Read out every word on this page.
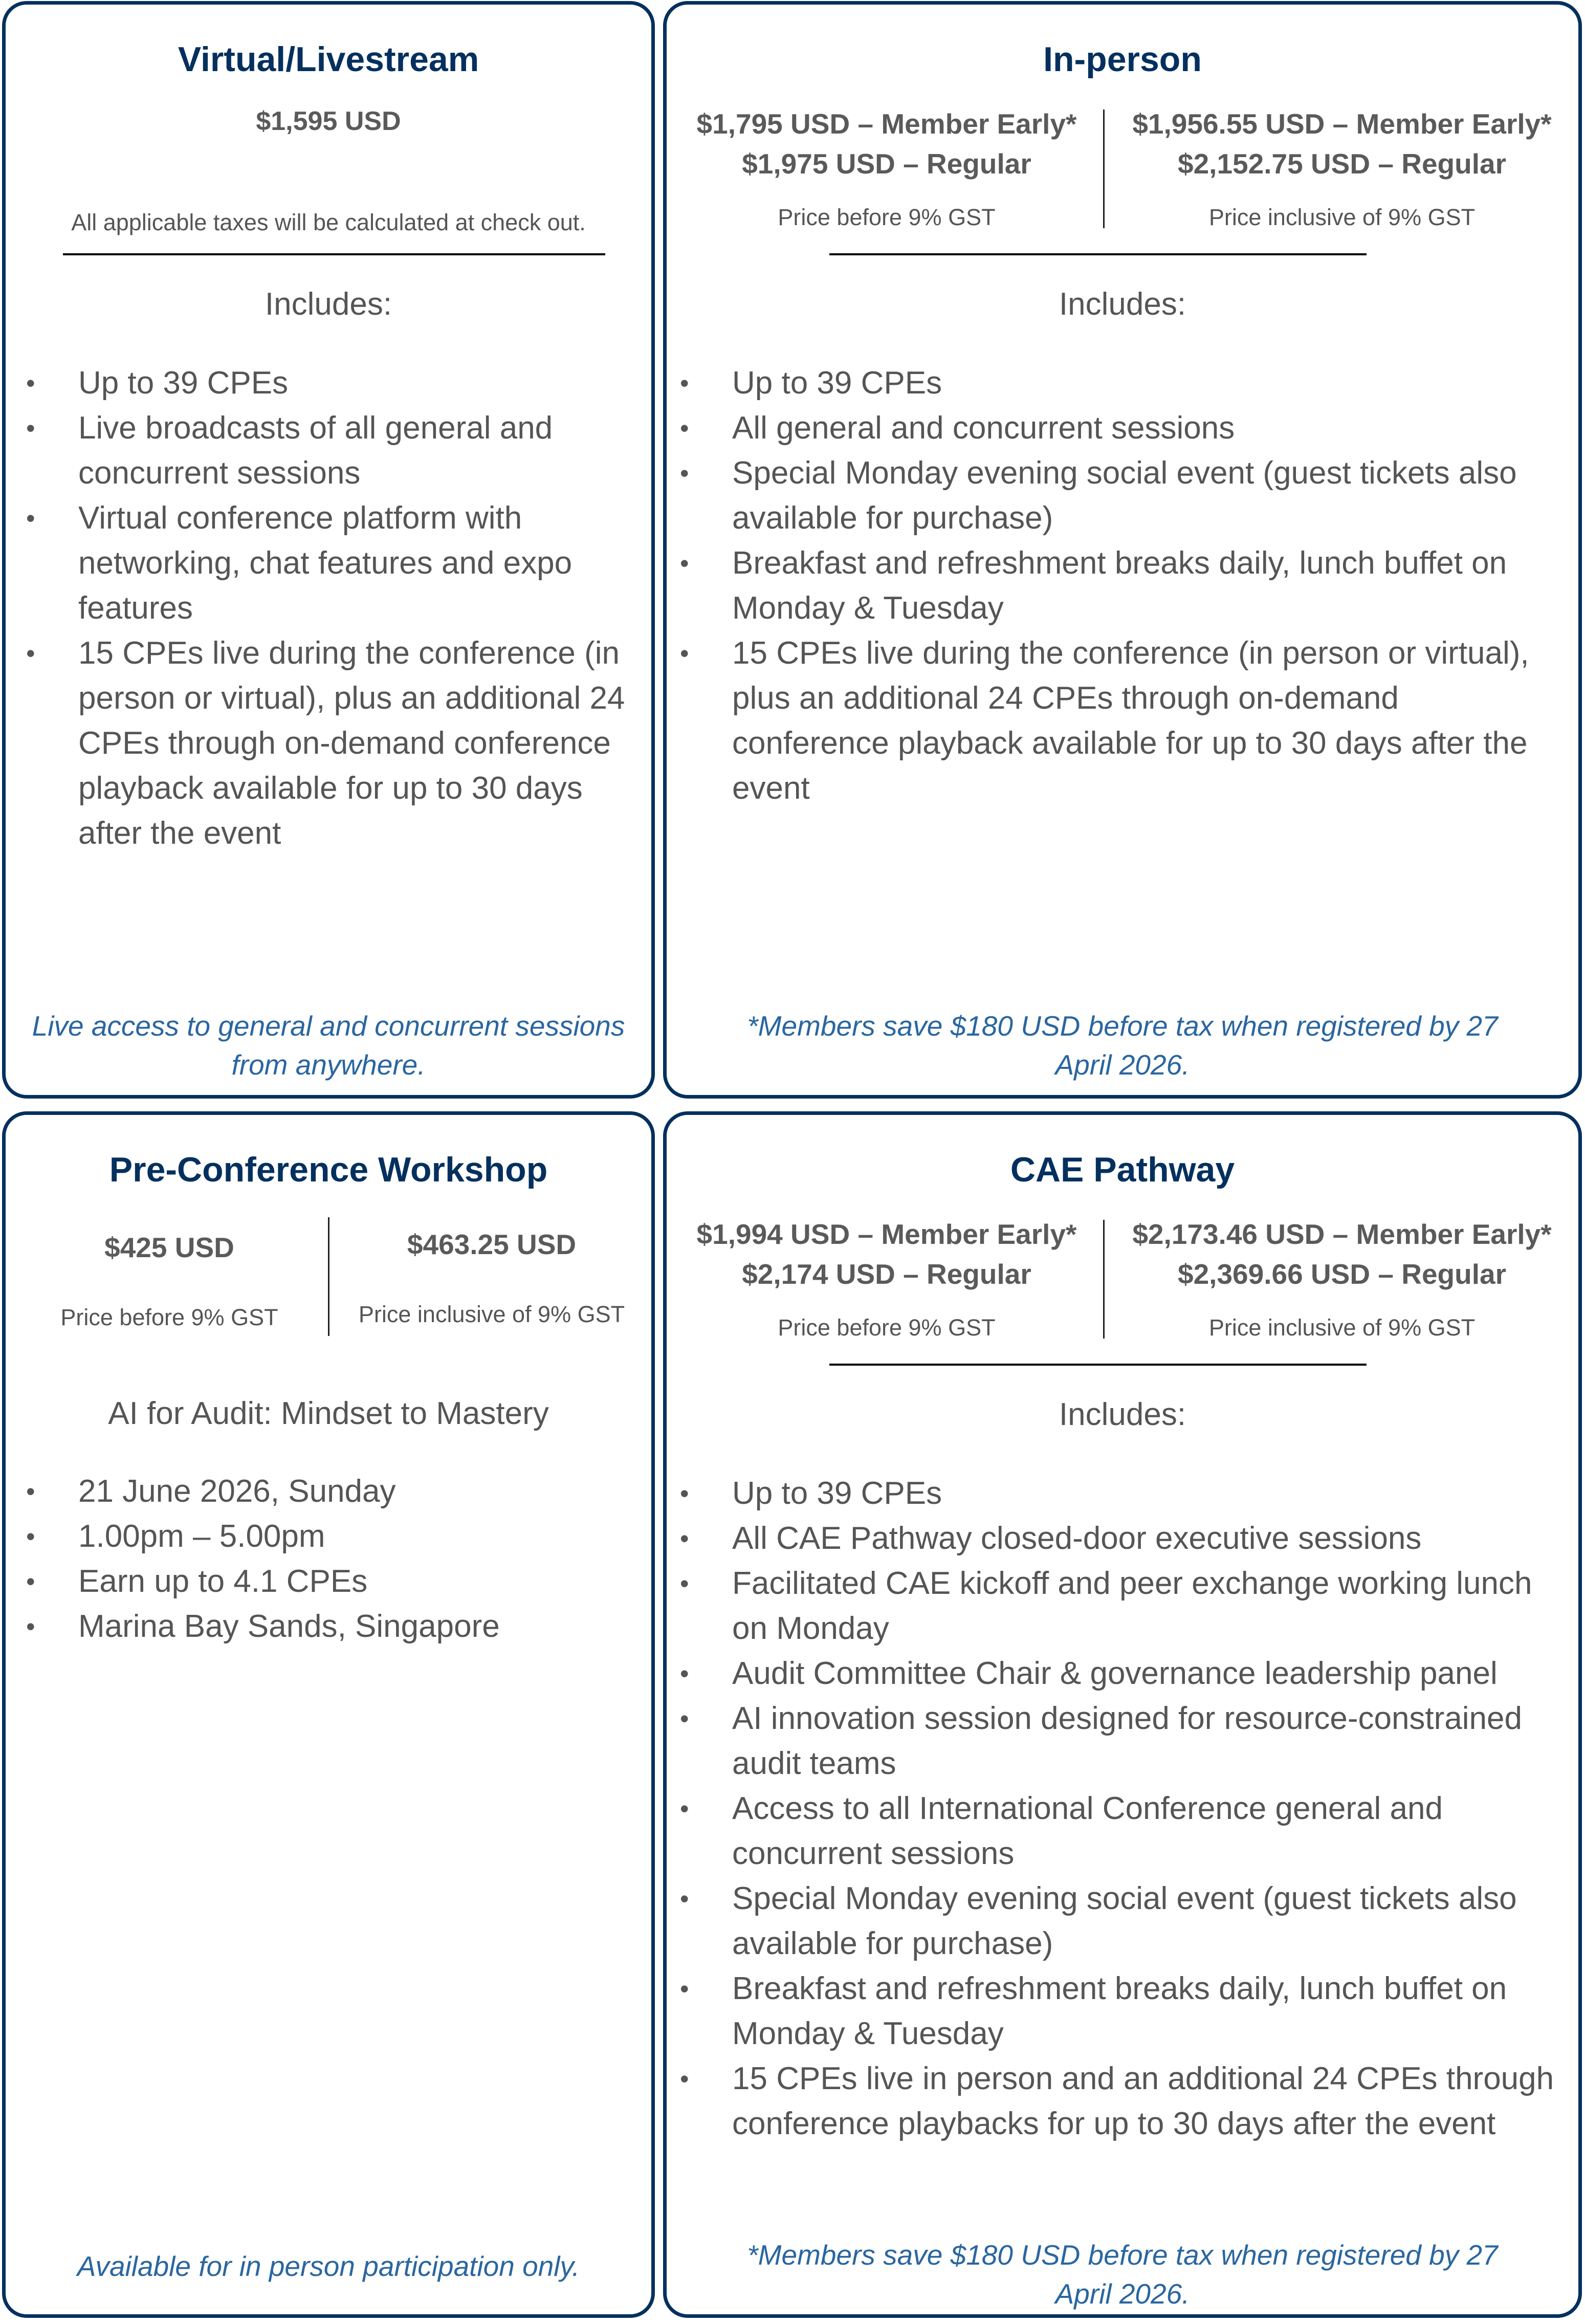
Virtual/Livestream
$1,595 USD
All applicable taxes will be calculated at check out.
Includes:
• Up to 39 CPEs
• Live broadcasts of all general and concurrent sessions
• Virtual conference platform with networking, chat features and expo features
• 15 CPEs live during the conference (in person or virtual), plus an additional 24 CPEs through on-demand conference playback available for up to 30 days after the event
Live access to general and concurrent sessions from anywhere.
In-person
$1,795 USD – Member Early*
$1,975 USD – Regular
Price before 9% GST
$1,956.55 USD – Member Early*
$2,152.75 USD – Regular
Price inclusive of 9% GST
Includes:
• Up to 39 CPEs
• All general and concurrent sessions
• Special Monday evening social event (guest tickets also available for purchase)
• Breakfast and refreshment breaks daily, lunch buffet on Monday & Tuesday
• 15 CPEs live during the conference (in person or virtual), plus an additional 24 CPEs through on-demand conference playback available for up to 30 days after the event
*Members save $180 USD before tax when registered by 27 April 2026.
Pre-Conference Workshop
$425 USD
Price before 9% GST
$463.25 USD
Price inclusive of 9% GST
AI for Audit: Mindset to Mastery
• 21 June 2026, Sunday
• 1.00pm – 5.00pm
• Earn up to 4.1 CPEs
• Marina Bay Sands, Singapore
Available for in person participation only.
CAE Pathway
$1,994 USD – Member Early*
$2,174 USD – Regular
Price before 9% GST
$2,173.46 USD – Member Early*
$2,369.66 USD – Regular
Price inclusive of 9% GST
Includes:
• Up to 39 CPEs
• All CAE Pathway closed-door executive sessions
• Facilitated CAE kickoff and peer exchange working lunch on Monday
• Audit Committee Chair & governance leadership panel
• AI innovation session designed for resource-constrained audit teams
• Access to all International Conference general and concurrent sessions
• Special Monday evening social event (guest tickets also available for purchase)
• Breakfast and refreshment breaks daily, lunch buffet on Monday & Tuesday
• 15 CPEs live in person and an additional 24 CPEs through conference playbacks for up to 30 days after the event
*Members save $180 USD before tax when registered by 27 April 2026.
